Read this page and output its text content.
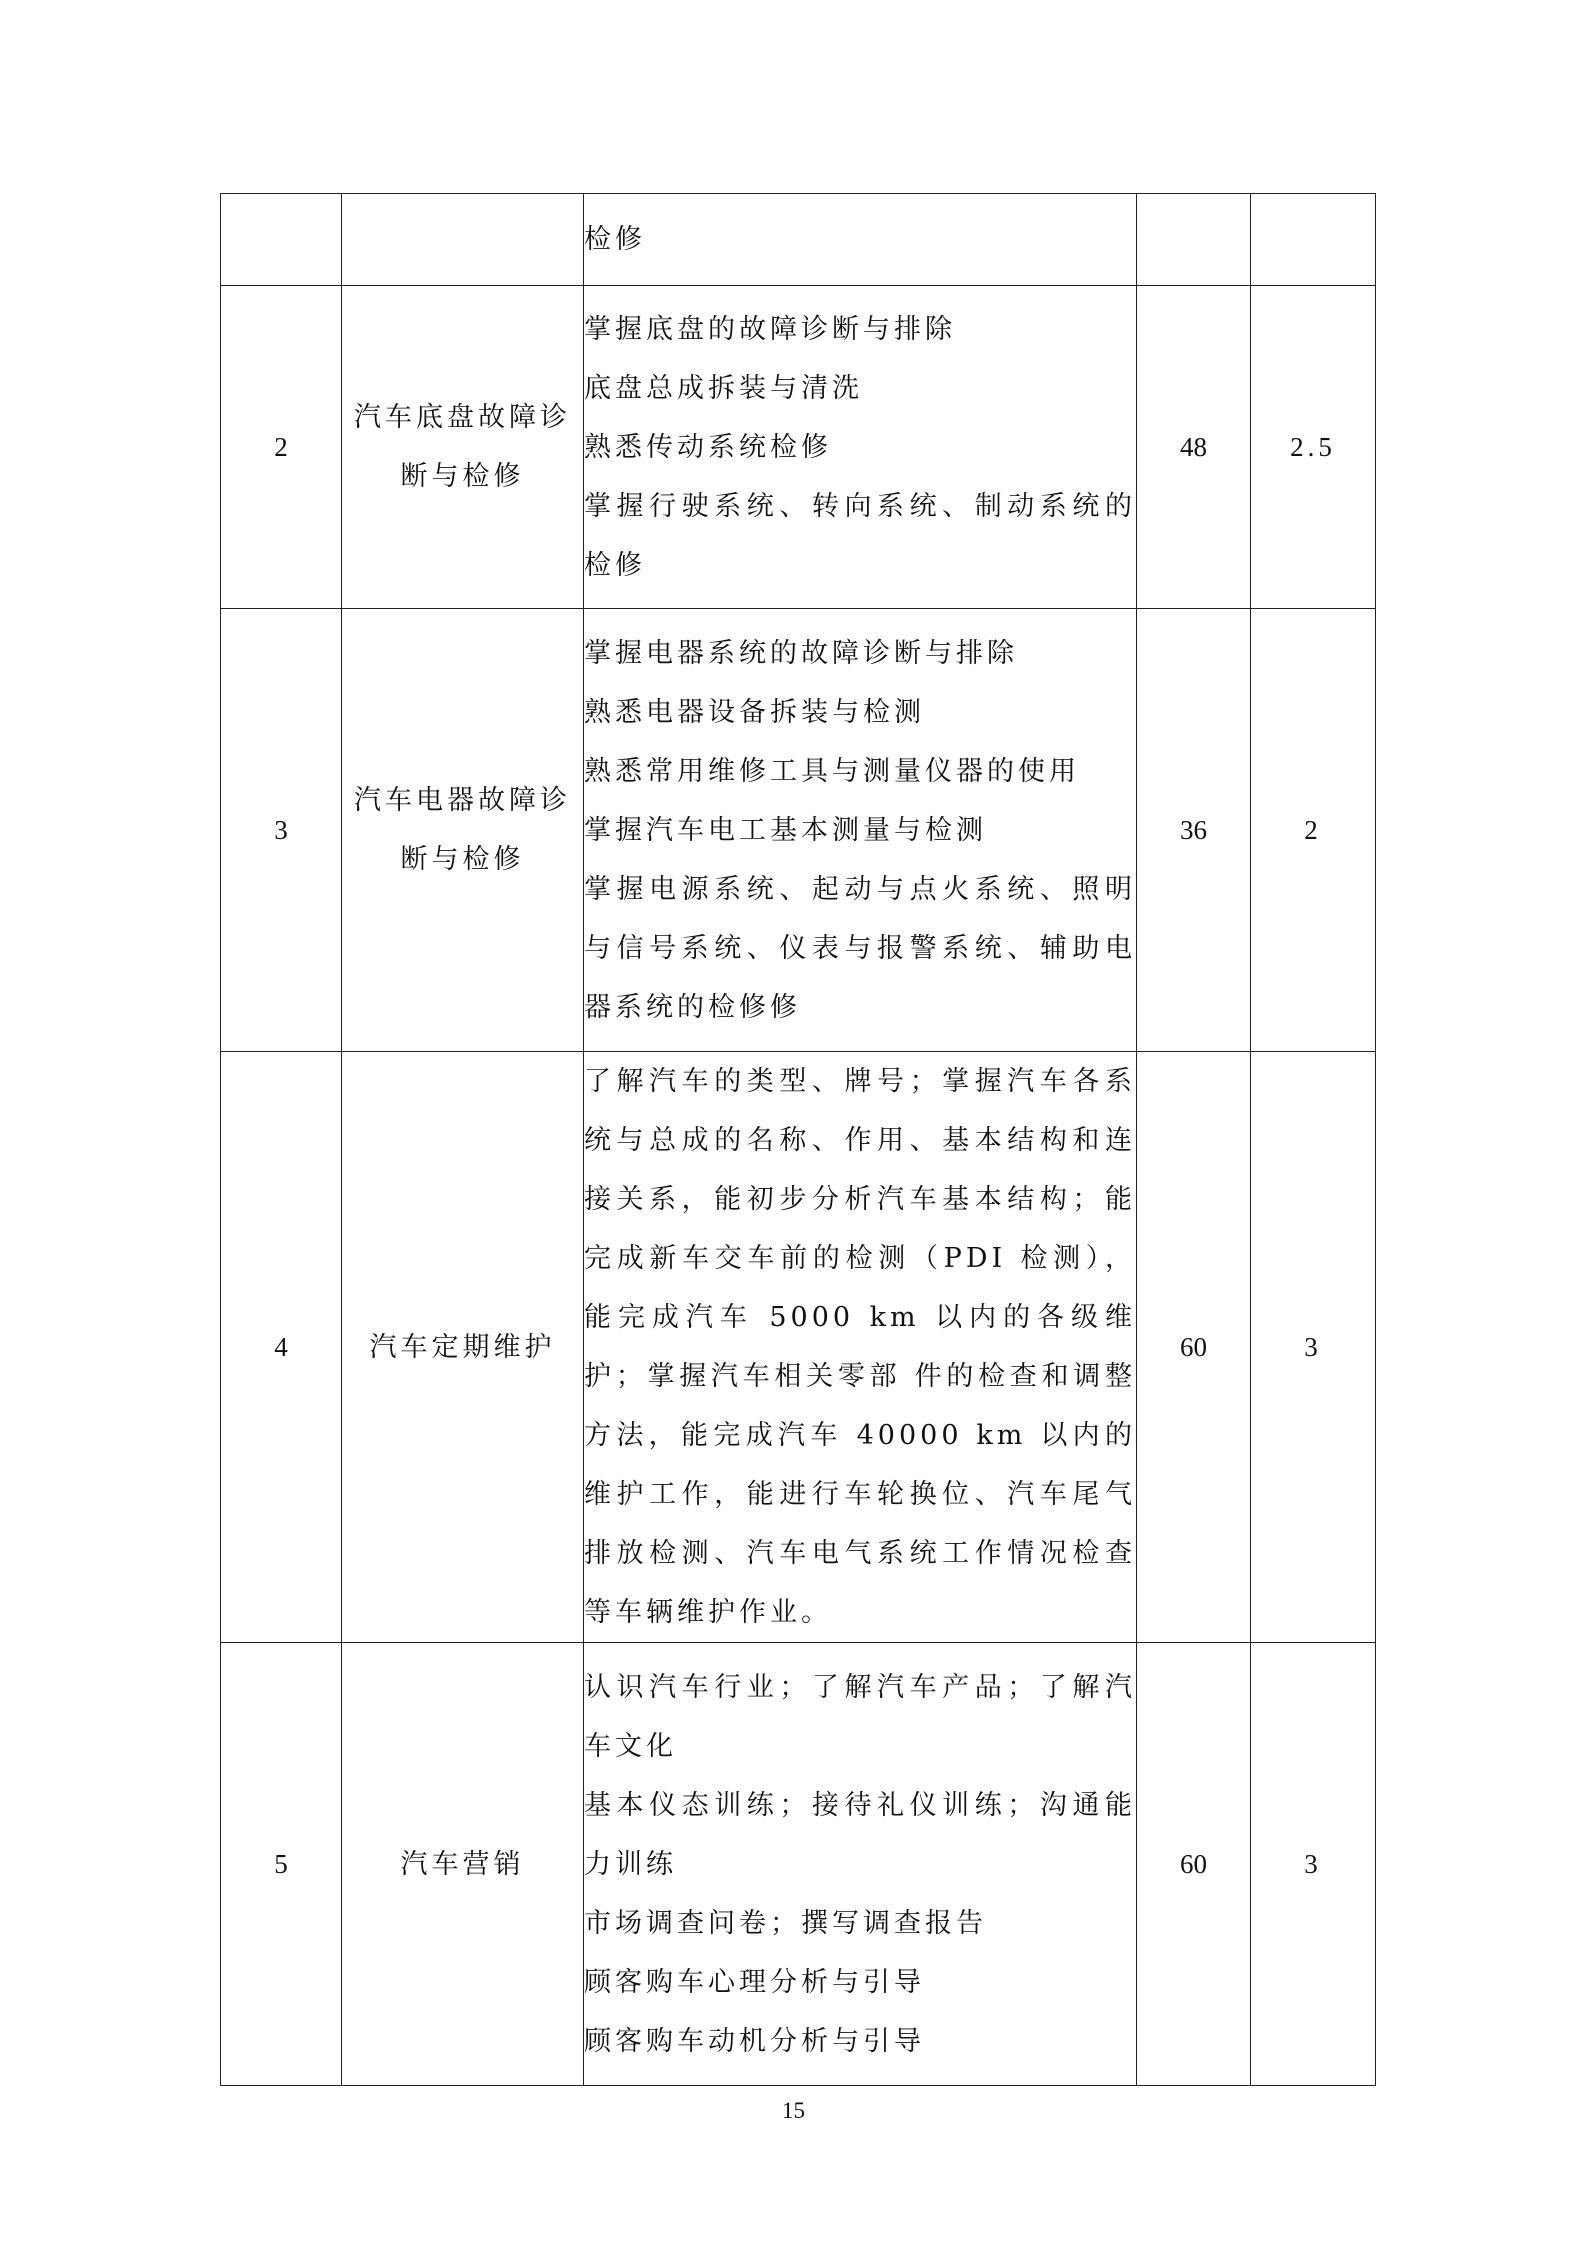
		检修		

2	汽车底盘故障诊断与检修	掌握底盘的故障诊断与排除
底盘总成拆装与清洗
熟悉传动系统检修
掌握行驶系统、转向系统、制动系统的检修	48	2.5
3	汽车电器故障诊断与检修	掌握电器系统的故障诊断与排除
熟悉电器设备拆装与检测
熟悉常用维修工具与测量仪器的使用
掌握汽车电工基本测量与检测
掌握电源系统、起动与点火系统、照明与信号系统、仪表与报警系统、辅助电器系统的检修修	36	2
4	汽车定期维护	了解汽车的类型、牌号；掌握汽车各系统与总成的名称、作用、基本结构和连接关系，能初步分析汽车基本结构；能完成新车交车前的检测（PDI 检测），能完成汽车 5000 km 以内的各级维护；掌握汽车相关零部 件的检查和调整方法，能完成汽车 40000 km 以内的维护工作，能进行车轮换位、汽车尾气排放检测、汽车电气系统工作情况检查等车辆维护作业。	60	3
5	汽车营销	认识汽车行业；了解汽车产品；了解汽车文化
基本仪态训练；接待礼仪训练；沟通能力训练
市场调查问卷；撰写调查报告
顾客购车心理分析与引导
顾客购车动机分析与引导	60	3
15
